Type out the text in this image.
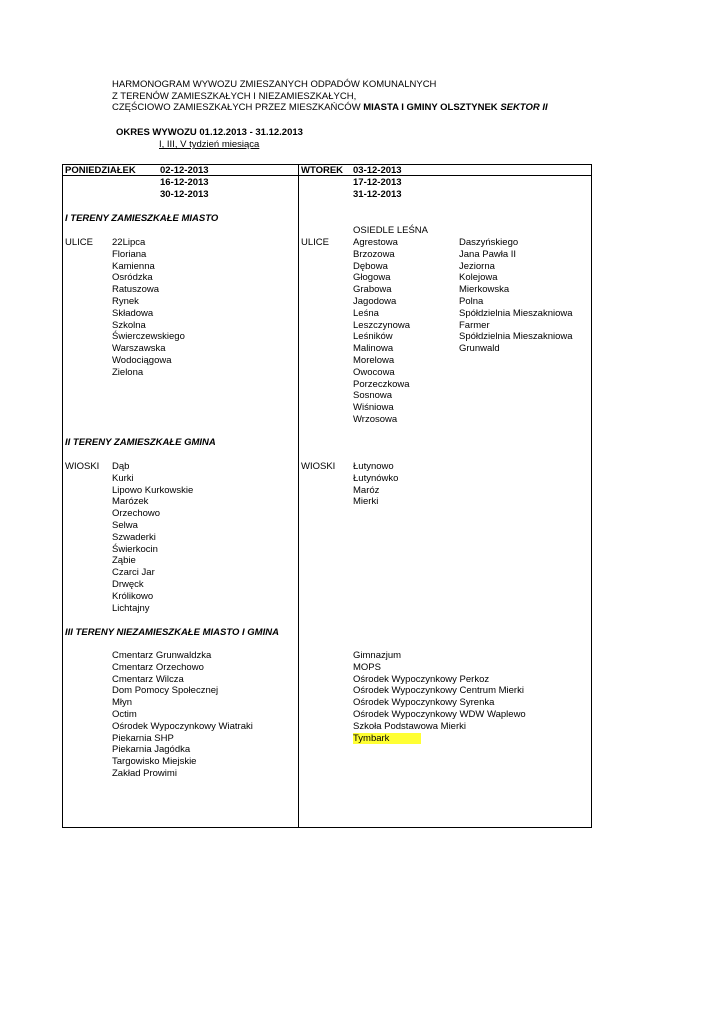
HARMONOGRAM WYWOZU ZMIESZANYCH ODPADÓW KOMUNALNYCH
Z TERENÓW ZAMIESZKAŁYCH I NIEZAMIESZKAŁYCH,
CZĘŚCIOWO ZAMIESZKAŁYCH PRZEZ MIESZKAŃCÓW MIASTA I GMINY OLSZTYNEK SEKTOR II
OKRES WYWOZU 01.12.2013 - 31.12.2013
I, III, V tydzień miesiąca
PONIEDZIAŁEK	02-12-2013
16-12-2013
30-12-2013
WTOREK 03-12-2013
17-12-2013
31-12-2013
I TERENY ZAMIESZKAŁE MIASTO
OSIEDLE LEŚNA
ULICE 22Lipca
Floriana
Kamienna
Osródzka
Ratuszowa
Rynek
Składowa
Szkolna
Świerczewskiego
Warszawska
Wodociągowa
Zielona
ULICE	Agrestowa
Brzozowa
Dębowa
Głogowa
Grabowa
Jagodowa
Leśna
Leszczynowa
Leśników
Malinowa
Morelowa
Owocowa
Porzeczkowa
Sosnowa
Wiśniowa
Wrzosowa
Daszyńskiego
Jana Pawła II
Jeziorna
Kolejowa
Mierkowska
Polna
Spółdzielnia Mieszakniowa
Farmer
Spółdzielnia Mieszakniowa
Grunwald
II TERENY ZAMIESZKAŁE GMINA
WIOSKI Dąb
Kurki
Lipowo Kurkowskie
Marózek
Orzechowo
Selwa
Szwaderki
Świerkocin
Ząbie
Czarci Jar
Drwęck
Królikowo
Lichtajny
WIOSKI Łutynowo
Łutynówko
Maróz
Mierki
III TERENY NIEZAMIESZKAŁE MIASTO I GMINA
Cmentarz Grunwaldzka
Cmentarz Orzechowo
Cmentarz Wilcza
Dom Pomocy Społecznej
Młyn
Octim
Ośrodek Wypoczynkowy Wiatraki
Piekarnia SHP
Piekarnia Jagódka
Targowisko Miejskie
Zakład Prowimi
Gimnazjum
MOPS
Ośrodek Wypoczynkowy Perkoz
Ośrodek Wypoczynkowy Centrum Mierki
Ośrodek Wypoczynkowy Syrenka
Ośrodek Wypoczynkowy WDW Waplewo
Szkoła Podstawowa Mierki
Tymbark
